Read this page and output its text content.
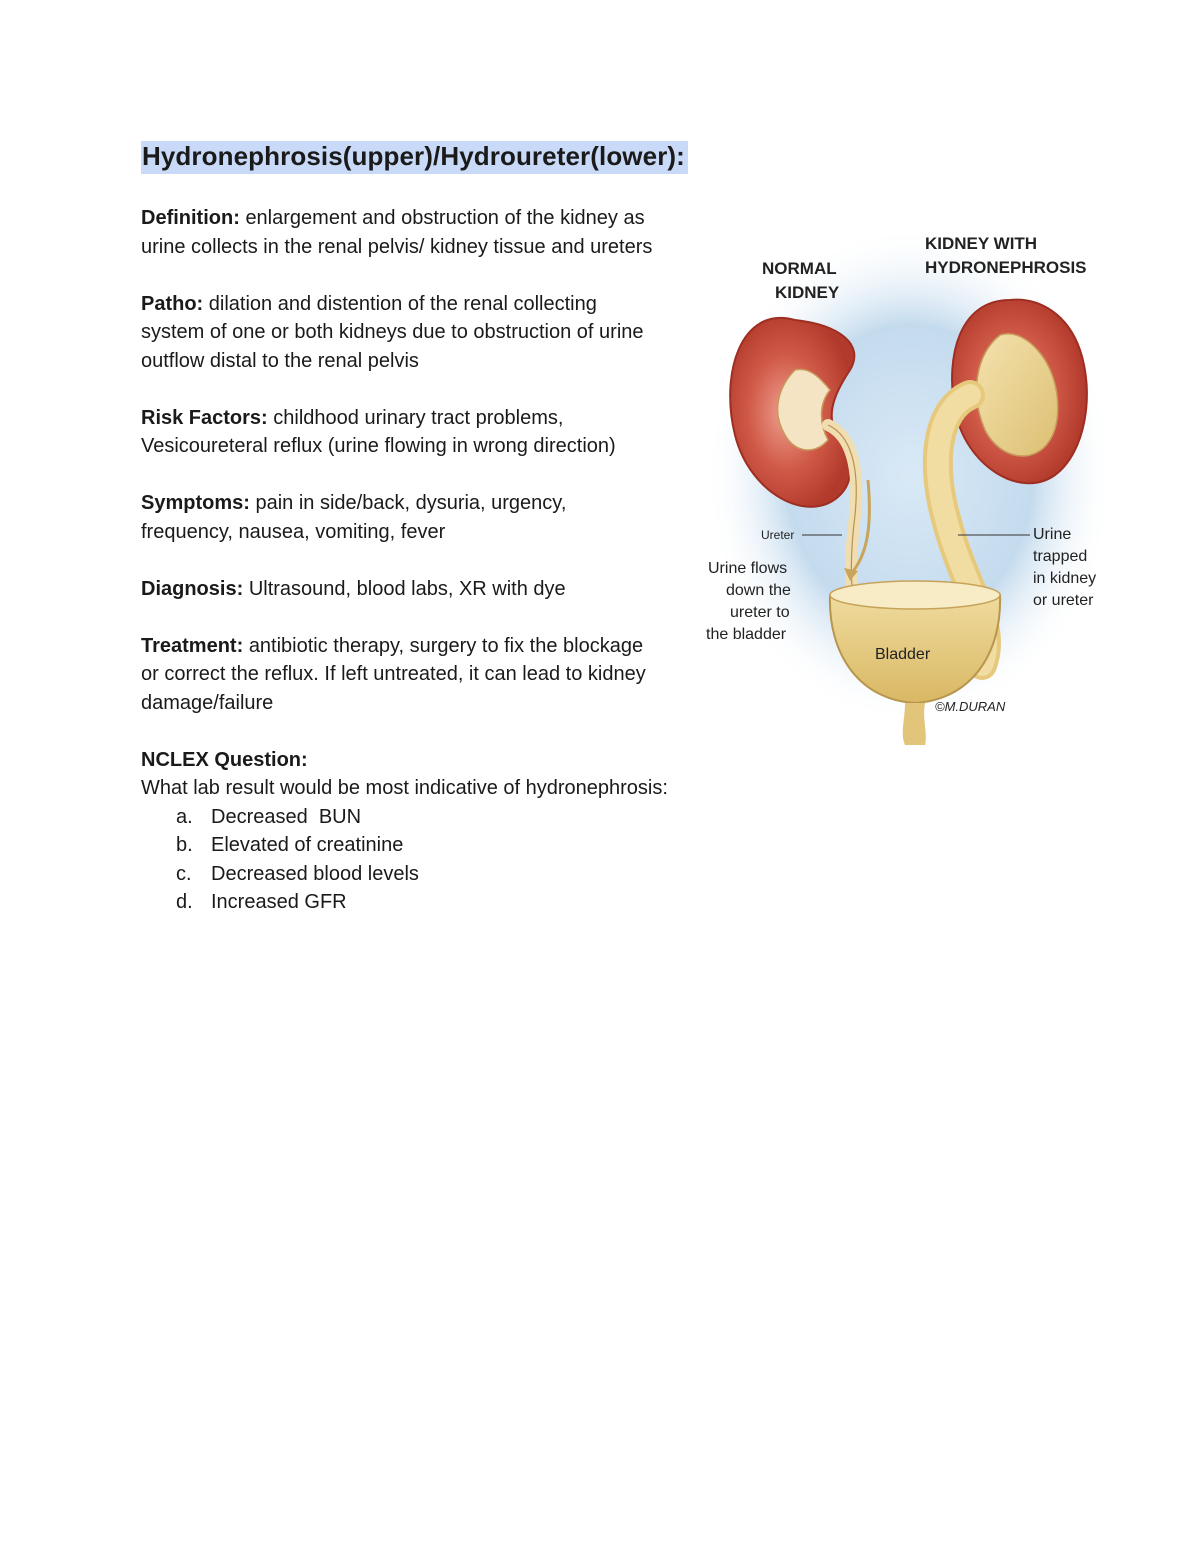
Hydronephrosis(upper)/Hydroureter(lower):

Definition: enlargement and obstruction of the kidney as urine collects in the renal pelvis/ kidney tissue and ureters

Patho: dilation and distention of the renal collecting system of one or both kidneys due to obstruction of urine outflow distal to the renal pelvis

Risk Factors: childhood urinary tract problems, Vesicoureteral reflux (urine flowing in wrong direction)

Symptoms: pain in side/back, dysuria, urgency, frequency, nausea, vomiting, fever

Diagnosis: Ultrasound, blood labs, XR with dye

Treatment: antibiotic therapy, surgery to fix the blockage or correct the reflux. If left untreated, it can lead to kidney damage/failure

NCLEX Question:

What lab result would be most indicative of hydronephrosis:

a. Decreased  BUN
b. Elevated of creatinine
c. Decreased blood levels
d. Increased GFR
NORMAL
KIDNEY
KIDNEY WITH
HYDRONEPHROSIS
Ureter
Urine flows
down the
ureter to
the bladder
Urine
trapped
in kidney
or ureter
Bladder
©M.DURAN
